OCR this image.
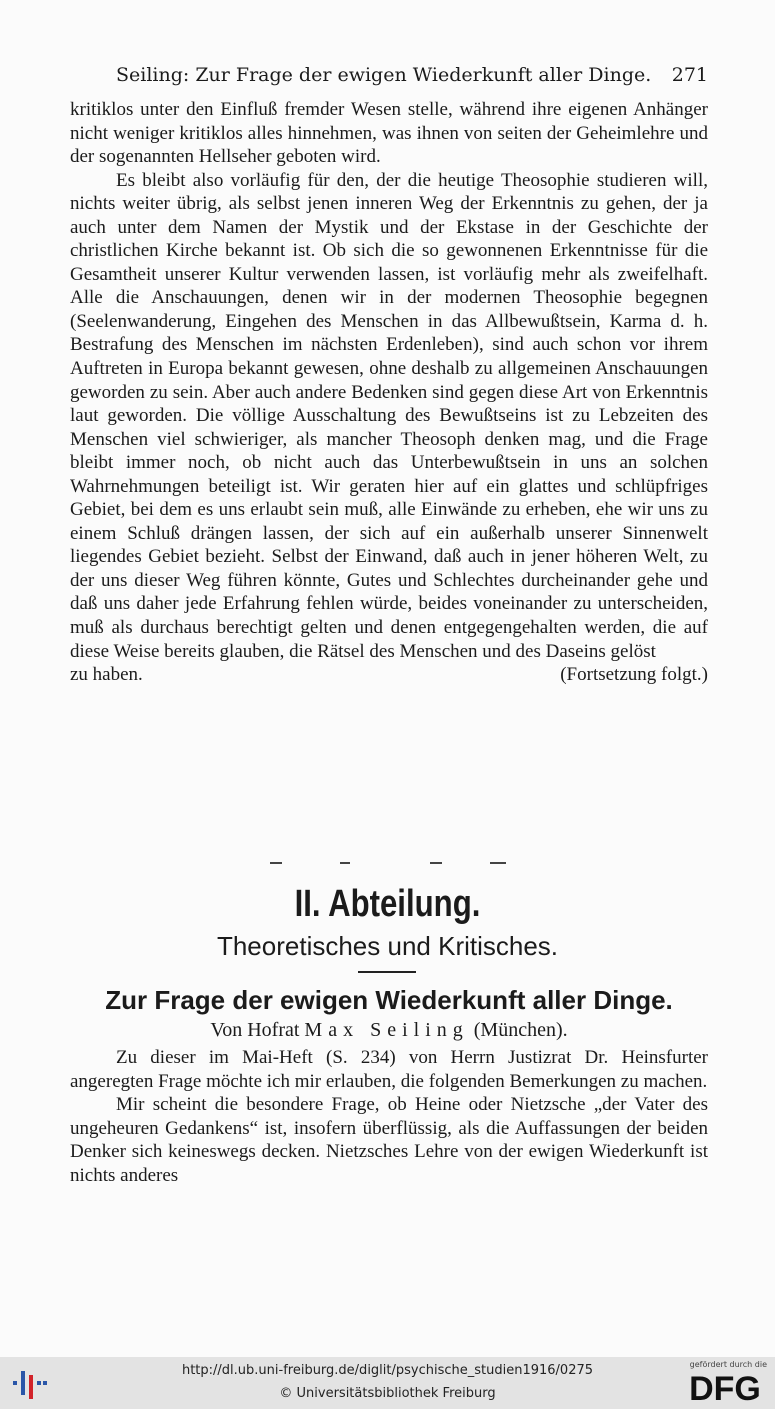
Seiling: Zur Frage der ewigen Wiederkunft aller Dinge. 271

kritiklos unter den Einfluß fremder Wesen stelle, während ihre eigenen Anhänger nicht weniger kritiklos alles hinnehmen, was ihnen von seiten der Geheimlehre und der sogenannten Hellseher geboten wird.

Es bleibt also vorläufig für den, der die heutige Theosophie studieren will, nichts weiter übrig, als selbst jenen inneren Weg der Erkenntnis zu gehen, der ja auch unter dem Namen der Mystik und der Ekstase in der Geschichte der christlichen Kirche bekannt ist. Ob sich die so gewonnenen Erkenntnisse für die Gesamtheit unserer Kultur verwenden lassen, ist vorläufig mehr als zweifelhaft. Alle die Anschauungen, denen wir in der modernen Theosophie begegnen (Seelenwanderung, Eingehen des Menschen in das Allbewußtsein, Karma d. h. Bestrafung des Menschen im nächsten Erdenleben), sind auch schon vor ihrem Auftreten in Europa bekannt gewesen, ohne deshalb zu allgemeinen Anschauungen geworden zu sein. Aber auch andere Bedenken sind gegen diese Art von Erkenntnis laut geworden. Die völlige Ausschaltung des Bewußtseins ist zu Lebzeiten des Menschen viel schwieriger, als mancher Theosoph denken mag, und die Frage bleibt immer noch, ob nicht auch das Unterbewußtsein in uns an solchen Wahrnehmungen beteiligt ist. Wir geraten hier auf ein glattes und schlüpfriges Gebiet, bei dem es uns erlaubt sein muß, alle Einwände zu erheben, ehe wir uns zu einem Schluß drängen lassen, der sich auf ein außerhalb unserer Sinnenwelt liegendes Gebiet bezieht. Selbst der Einwand, daß auch in jener höheren Welt, zu der uns dieser Weg führen könnte, Gutes und Schlechtes durcheinander gehe und daß uns daher jede Erfahrung fehlen würde, beides voneinander zu unterscheiden, muß als durchaus berechtigt gelten und denen entgegengehalten werden, die auf diese Weise bereits glauben, die Rätsel des Menschen und des Daseins gelöst

zu haben.	(Fortsetzung folgt.)

II. Abteilung.
Theoretisches und Kritisches.
Zur Frage der ewigen Wiederkunft aller Dinge.
Von Hofrat Max Seiling (München).

Zu dieser im Mai-Heft (S. 234) von Herrn Justizrat Dr. Heinsfurter angeregten Frage möchte ich mir erlauben, die folgenden Bemerkungen zu machen.

Mir scheint die besondere Frage, ob Heine oder Nietzsche „der Vater des ungeheuren Gedankens“ ist, insofern überflüssig, als die Auffassungen der beiden Denker sich keineswegs decken. Nietzsches Lehre von der ewigen Wiederkunft ist nichts anderes

http://dl.ub.uni-freiburg.de/diglit/psychische_studien1916/0275
© Universitätsbibliothek Freiburg
gefördert durch die
DFG
